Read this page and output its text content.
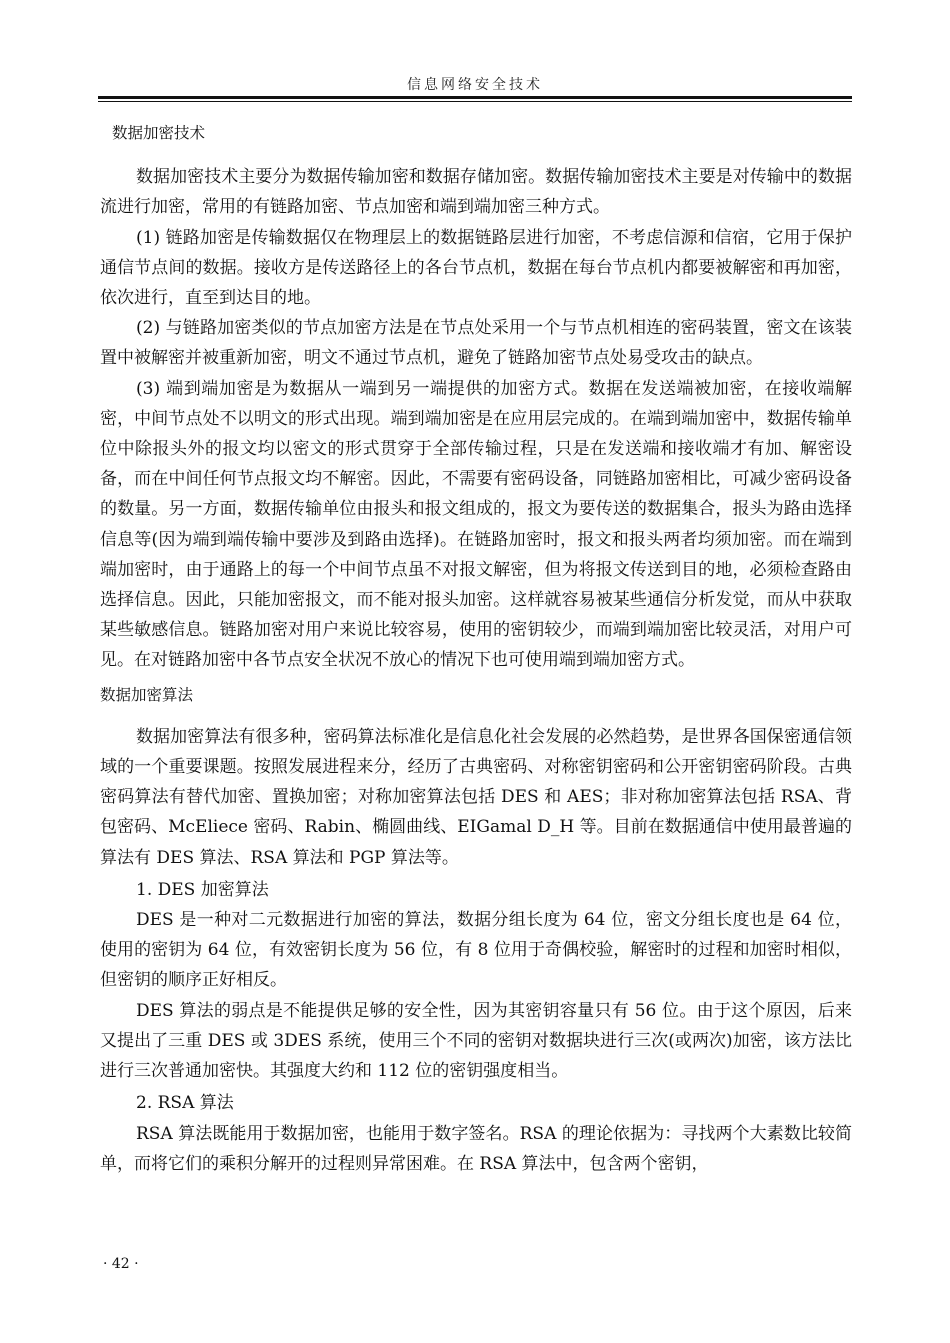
信息网络安全技术
数据加密技术

数据加密技术主要分为数据传输加密和数据存储加密。数据传输加密技术主要是对传输中的数据流进行加密，常用的有链路加密、节点加密和端到端加密三种方式。

(1) 链路加密是传输数据仅在物理层上的数据链路层进行加密，不考虑信源和信宿，它用于保护通信节点间的数据。接收方是传送路径上的各台节点机，数据在每台节点机内都要被解密和再加密，依次进行，直至到达目的地。

(2) 与链路加密类似的节点加密方法是在节点处采用一个与节点机相连的密码装置，密文在该装置中被解密并被重新加密，明文不通过节点机，避免了链路加密节点处易受攻击的缺点。

(3) 端到端加密是为数据从一端到另一端提供的加密方式。数据在发送端被加密，在接收端解密，中间节点处不以明文的形式出现。端到端加密是在应用层完成的。在端到端加密中，数据传输单位中除报头外的报文均以密文的形式贯穿于全部传输过程，只是在发送端和接收端才有加、解密设备，而在中间任何节点报文均不解密。因此，不需要有密码设备，同链路加密相比，可减少密码设备的数量。另一方面，数据传输单位由报头和报文组成的，报文为要传送的数据集合，报头为路由选择信息等(因为端到端传输中要涉及到路由选择)。在链路加密时，报文和报头两者均须加密。而在端到端加密时，由于通路上的每一个中间节点虽不对报文解密，但为将报文传送到目的地，必须检查路由选择信息。因此，只能加密报文，而不能对报头加密。这样就容易被某些通信分析发觉，而从中获取某些敏感信息。链路加密对用户来说比较容易，使用的密钥较少，而端到端加密比较灵活，对用户可见。在对链路加密中各节点安全状况不放心的情况下也可使用端到端加密方式。

数据加密算法

数据加密算法有很多种，密码算法标准化是信息化社会发展的必然趋势，是世界各国保密通信领域的一个重要课题。按照发展进程来分，经历了古典密码、对称密钥密码和公开密钥密码阶段。古典密码算法有替代加密、置换加密；对称加密算法包括 DES 和 AES；非对称加密算法包括 RSA、背包密码、McEliece 密码、Rabin、椭圆曲线、EIGamal D_H 等。目前在数据通信中使用最普遍的算法有 DES 算法、RSA 算法和 PGP 算法等。

1. DES 加密算法

DES 是一种对二元数据进行加密的算法，数据分组长度为 64 位，密文分组长度也是 64 位，使用的密钥为 64 位，有效密钥长度为 56 位，有 8 位用于奇偶校验，解密时的过程和加密时相似，但密钥的顺序正好相反。

DES 算法的弱点是不能提供足够的安全性，因为其密钥容量只有 56 位。由于这个原因，后来又提出了三重 DES 或 3DES 系统，使用三个不同的密钥对数据块进行三次(或两次)加密，该方法比进行三次普通加密快。其强度大约和 112 位的密钥强度相当。

2. RSA 算法

RSA 算法既能用于数据加密，也能用于数字签名。RSA 的理论依据为：寻找两个大素数比较简单，而将它们的乘积分解开的过程则异常困难。在 RSA 算法中，包含两个密钥，

· 42 ·
